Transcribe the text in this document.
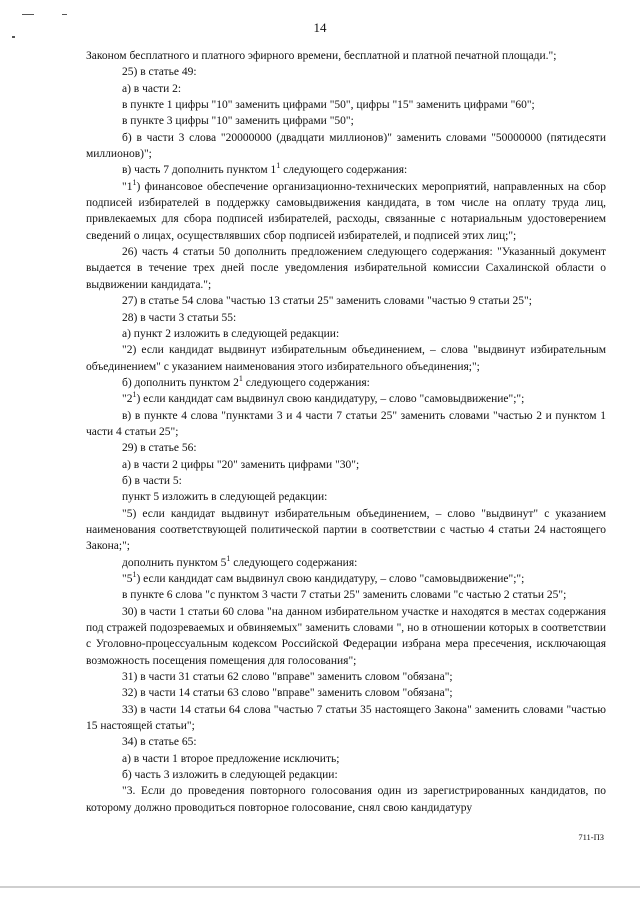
14

Законом бесплатного и платного эфирного времени, бесплатной и платной печатной площади.";

25) в статье 49:

а) в части 2:

в пункте 1 цифры "10" заменить цифрами "50", цифры "15" заменить цифрами "60";

в пункте 3 цифры "10" заменить цифрами "50";

б) в части 3 слова "20000000 (двадцати миллионов)" заменить словами "50000000 (пятидесяти миллионов)";

в) часть 7 дополнить пунктом $1^1$ следующего содержания:

"$1^1$) финансовое обеспечение организационно-технических мероприятий, направленных на сбор подписей избирателей в поддержку самовыдвижения кандидата, в том числе на оплату труда лиц, привлекаемых для сбора подписей избирателей, расходы, связанные с нотариальным удостоверением сведений о лицах, осуществлявших сбор подписей избирателей, и подписей этих лиц;";

26) часть 4 статьи 50 дополнить предложением следующего содержания: "Указанный документ выдается в течение трех дней после уведомления избирательной комиссии Сахалинской области о выдвижении кандидата.";

27) в статье 54 слова "частью 13 статьи 25" заменить словами "частью 9 статьи 25";

28) в части 3 статьи 55:

а) пункт 2 изложить в следующей редакции:

"2) если кандидат выдвинут избирательным объединением, – слова "выдвинут избирательным объединением" с указанием наименования этого избирательного объединения;";

б) дополнить пунктом $2^1$ следующего содержания:

"$2^1$) если кандидат сам выдвинул свою кандидатуру, – слово "самовыдвижение";";

в) в пункте 4 слова "пунктами 3 и 4 части 7 статьи 25" заменить словами "частью 2 и пунктом 1 части 4 статьи 25";

29) в статье 56:

а) в части 2 цифры "20" заменить цифрами "30";

б) в части 5:

пункт 5 изложить в следующей редакции:

"5) если кандидат выдвинут избирательным объединением, – слово "выдвинут" с указанием наименования соответствующей политической партии в соответствии с частью 4 статьи 24 настоящего Закона;";

дополнить пунктом $5^1$ следующего содержания:

"$5^1$) если кандидат сам выдвинул свою кандидатуру, – слово "самовыдвижение";";

в пункте 6 слова "с пунктом 3 части 7 статьи 25" заменить словами "с частью 2 статьи 25";

30) в части 1 статьи 60 слова "на данном избирательном участке и находятся в местах содержания под стражей подозреваемых и обвиняемых" заменить словами ", но в отношении которых в соответствии с Уголовно-процессуальным кодексом Российской Федерации избрана мера пресечения, исключающая возможность посещения помещения для голосования";

31) в части 31 статьи 62 слово "вправе" заменить словом "обязана";

32) в части 14 статьи 63 слово "вправе" заменить словом "обязана";

33) в части 14 статьи 64 слова "частью 7 статьи 35 настоящего Закона" заменить словами "частью 15 настоящей статьи";

34) в статье 65:

а) в части 1 второе предложение исключить;

б) часть 3 изложить в следующей редакции:

"3. Если до проведения повторного голосования один из зарегистрированных кандидатов, по которому должно проводиться повторное голосование, снял свою кандидатуру

711-ПЗ
